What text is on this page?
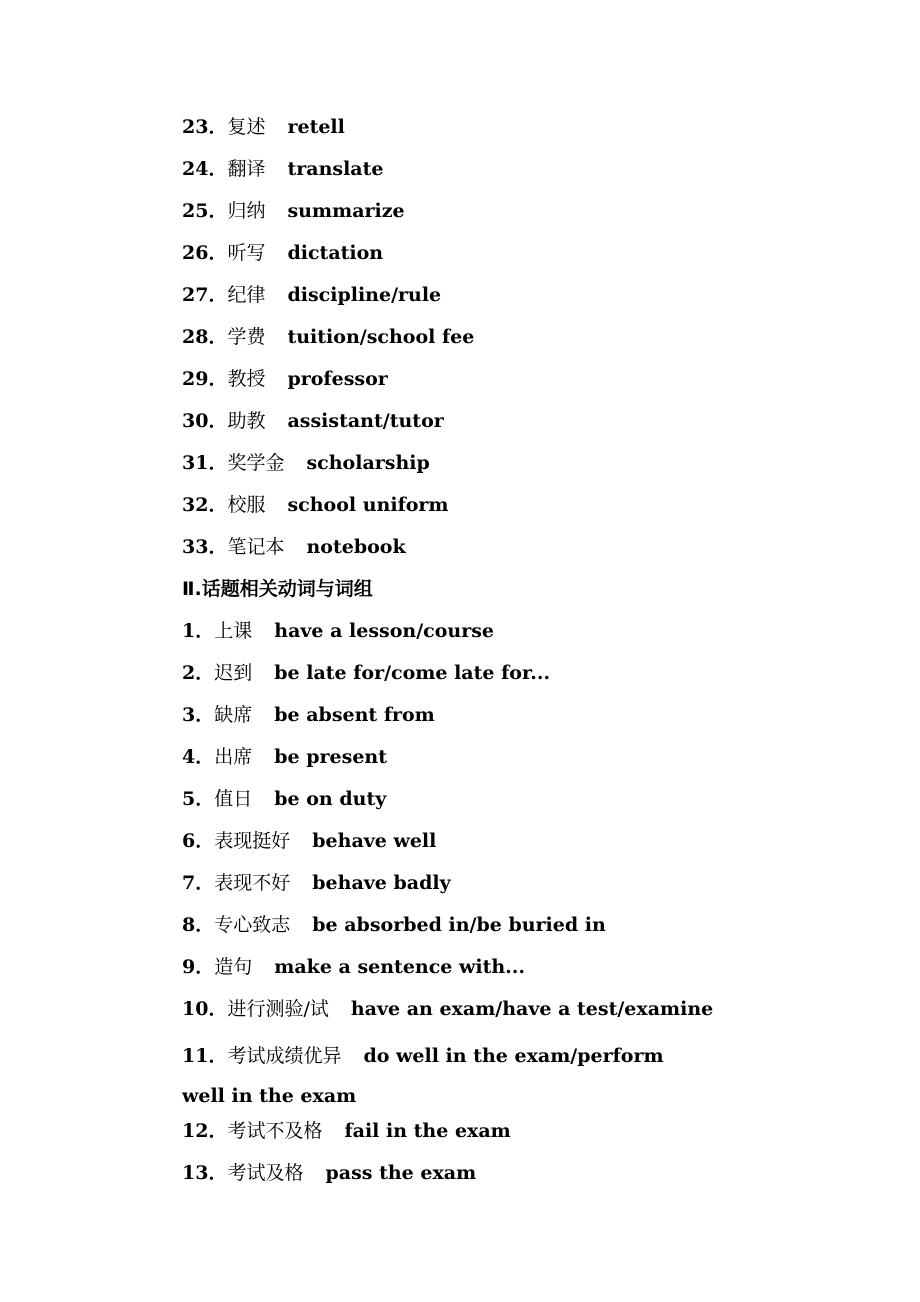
23．复述 retell
24．翻译 translate
25．归纳 summarize
26．听写 dictation
27．纪律 discipline/rule
28．学费 tuition/school fee
29．教授 professor
30．助教 assistant/tutor
31．奖学金 scholarship
32．校服 school uniform
33．笔记本 notebook
Ⅱ.话题相关动词与词组
1．上课 have a lesson/course
2．迟到 be late for/come late for...
3．缺席 be absent from
4．出席 be present
5．值日 be on duty
6．表现挺好 behave well
7．表现不好 behave badly
8．专心致志 be absorbed in/be buried in
9．造句 make a sentence with...
10．进行测验/试 have an exam/have a test/examine
11．考试成绩优异 do well in the exam/perform well in the exam
12．考试不及格 fail in the exam
13．考试及格 pass the exam
